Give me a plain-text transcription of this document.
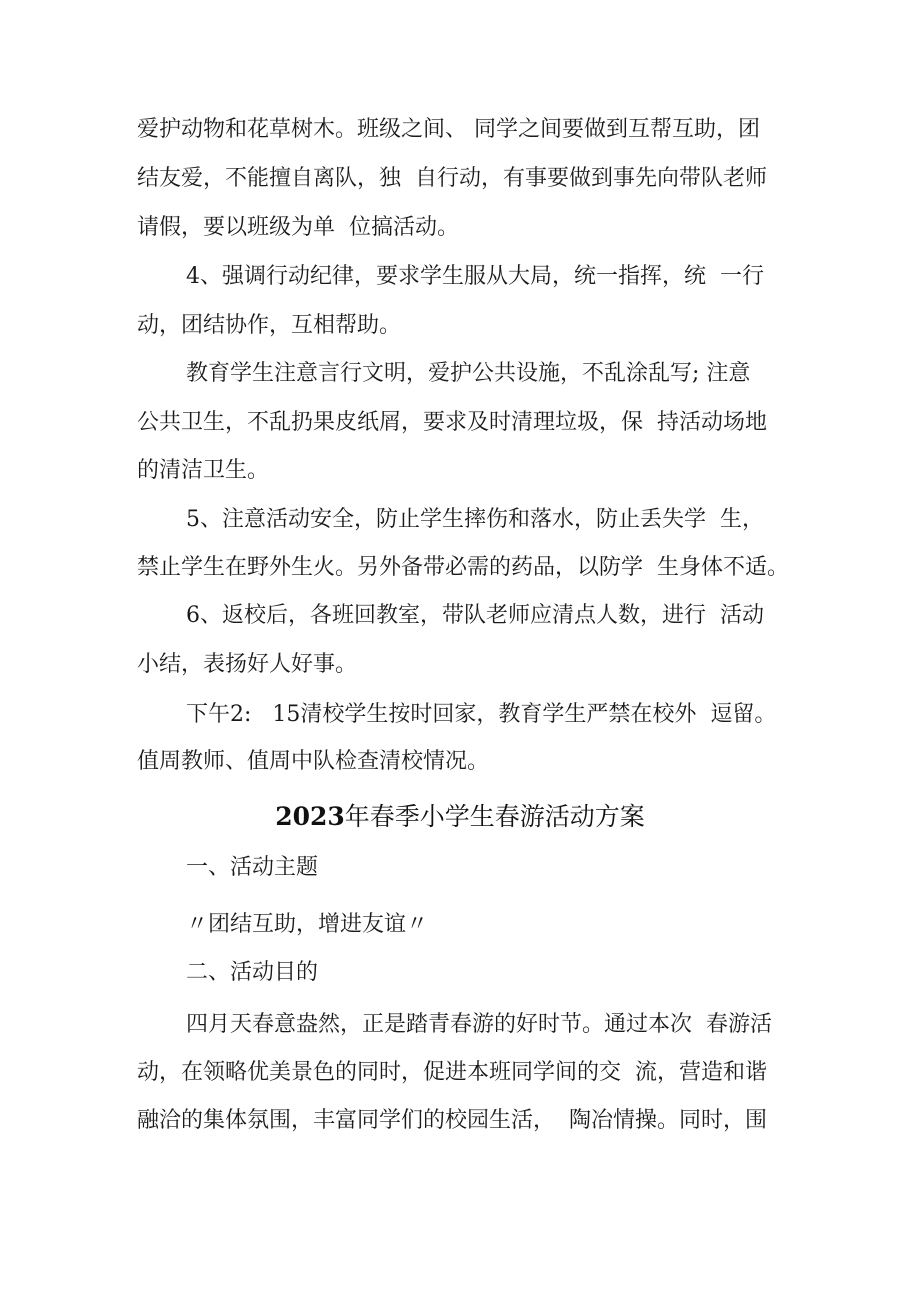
爱护动物和花草树木。班级之间、 同学之间要做到互帮互助，团

结友爱，不能擅自离队，独  自行动，有事要做到事先向带队老师

请假，要以班级为单  位搞活动。

4、强调行动纪律，要求学生服从大局，统一指挥，统  一行

动，团结协作，互相帮助。

教育学生注意言行文明，爱护公共设施，不乱涂乱写; 注意

公共卫生，不乱扔果皮纸屑，要求及时清理垃圾，保  持活动场地

的清洁卫生。

5、注意活动安全，防止学生摔伤和落水，防止丢失学  生，

禁止学生在野外生火。另外备带必需的药品，以防学  生身体不适。

6、返校后，各班回教室，带队老师应清点人数，进行  活动

小结，表扬好人好事。

下午2:   15清校学生按时回家，教育学生严禁在校外  逗留。

值周教师、值周中队检查清校情况。

2023年春季小学生春游活动方案

一、活动主题

〃团结互助，增进友谊〃

二、活动目的

四月天春意盎然，正是踏青春游的好时节。通过本次  春游活

动，在领略优美景色的同时，促进本班同学间的交  流，营造和谐

融洽的集体氛围，丰富同学们的校园生活，  陶冶情操。同时，围
